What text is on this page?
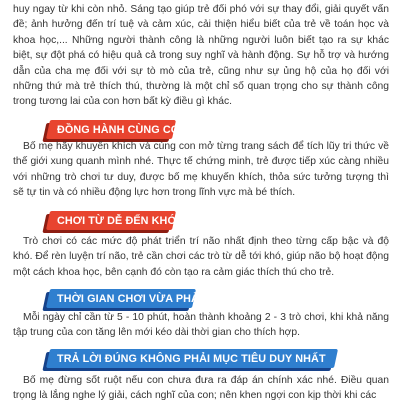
huy ngay từ khi còn nhỏ. Sáng tạo giúp trẻ đối phó với sự thay đổi, giải quyết vấn đề; ảnh hưởng đến trí tuệ và cảm xúc, cải thiện hiểu biết của trẻ về toán học và khoa học,... Những người thành công là những người luôn biết tạo ra sự khác biệt, sự đột phá có hiệu quả cả trong suy nghĩ và hành động. Sự hỗ trợ và hướng dẫn của cha mẹ đối với sự tò mò của trẻ, cũng như sự ủng hộ của họ đối với những thứ mà trẻ thích thú, thường là một chỉ số quan trọng cho sự thành công trong tương lai của con hơn bất kỳ điều gì khác.

ĐỒNG HÀNH CÙNG CON

Bố mẹ hãy khuyến khích và cùng con mở từng trang sách để tích lũy tri thức về thế giới xung quanh mình nhé. Thực tế chứng minh, trẻ được tiếp xúc càng nhiều với những trò chơi tư duy, được bố mẹ khuyến khích, thỏa sức tưởng tượng thì sẽ tự tin và có nhiều động lực hơn trong lĩnh vực mà bé thích.

CHƠI TỪ DỄ ĐẾN KHÓ

Trò chơi có các mức độ phát triển trí não nhất định theo từng cấp bậc và độ khó. Để rèn luyện trí não, trẻ cần chơi các trò từ dễ tới khó, giúp não bộ hoạt động một cách khoa học, bên cạnh đó còn tạo ra cảm giác thích thú cho trẻ.

THỜI GIAN CHƠI VỪA PHẢI

Mỗi ngày chỉ cần từ 5 - 10 phút, hoàn thành khoảng 2 - 3 trò chơi, khi khả năng tập trung của con tăng lên mới kéo dài thời gian cho thích hợp.

TRẢ LỜI ĐÚNG KHÔNG PHẢI MỤC TIÊU DUY NHẤT

Bố mẹ đừng sốt ruột nếu con chưa đưa ra đáp án chính xác nhé. Điều quan trọng là lắng nghe lý giải, cách nghĩ của con; nên khen ngợi con kịp thời khi các
